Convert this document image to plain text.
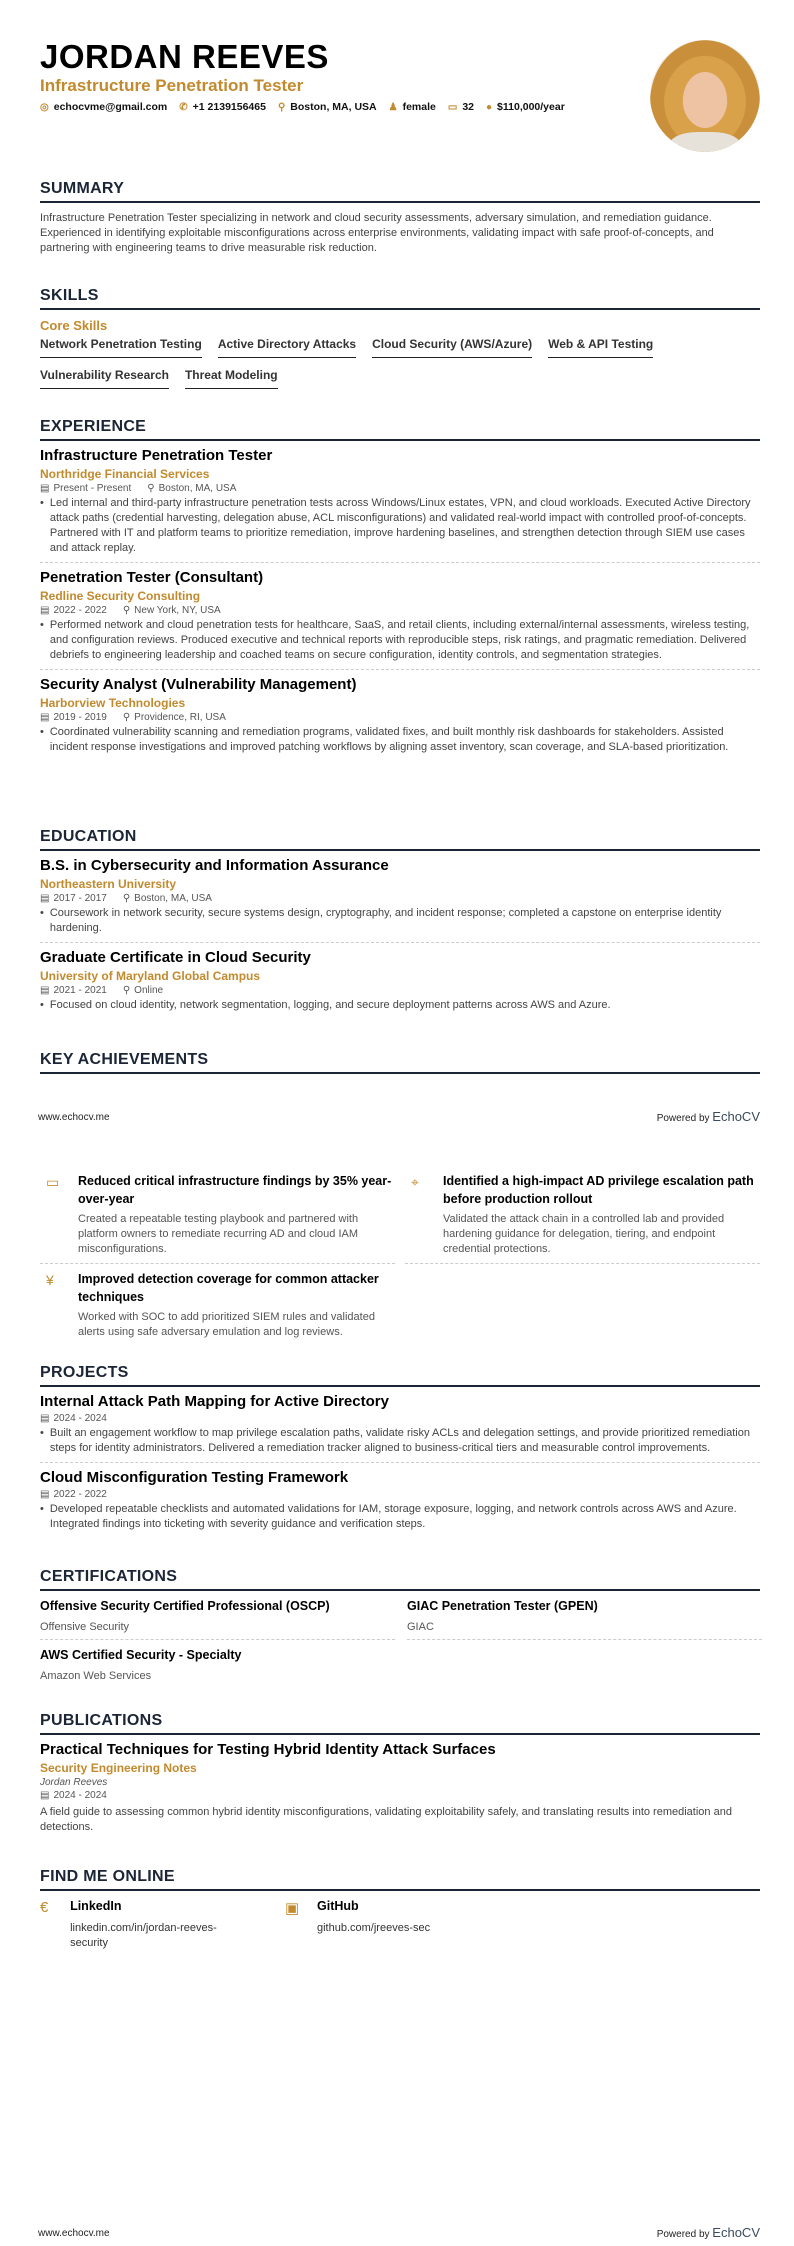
JORDAN REEVES
Infrastructure Penetration Tester
◎ echocvme@gmail.com ✆ +1 2139156465 ⚲ Boston, MA, USA ♟ female ▭ 32 ● $110,000/year
SUMMARY
Infrastructure Penetration Tester specializing in network and cloud security assessments, adversary simulation, and remediation guidance. Experienced in identifying exploitable misconfigurations across enterprise environments, validating impact with safe proof-of-concepts, and partnering with engineering teams to drive measurable risk reduction.
SKILLS
Core Skills
Network Penetration Testing Active Directory Attacks Cloud Security (AWS/Azure) Web & API Testing
Vulnerability Research Threat Modeling
EXPERIENCE
Infrastructure Penetration Tester
Northridge Financial Services
▤ Present - Present ⚲ Boston, MA, USA
• Led internal and third-party infrastructure penetration tests across Windows/Linux estates, VPN, and cloud workloads. Executed Active Directory attack paths (credential harvesting, delegation abuse, ACL misconfigurations) and validated real-world impact with controlled proof-of-concepts. Partnered with IT and platform teams to prioritize remediation, improve hardening baselines, and strengthen detection through SIEM use cases and attack replay.
Penetration Tester (Consultant)
Redline Security Consulting
▤ 2022 - 2022 ⚲ New York, NY, USA
• Performed network and cloud penetration tests for healthcare, SaaS, and retail clients, including external/internal assessments, wireless testing, and configuration reviews. Produced executive and technical reports with reproducible steps, risk ratings, and pragmatic remediation. Delivered debriefs to engineering leadership and coached teams on secure configuration, identity controls, and segmentation strategies.
Security Analyst (Vulnerability Management)
Harborview Technologies
▤ 2019 - 2019 ⚲ Providence, RI, USA
• Coordinated vulnerability scanning and remediation programs, validated fixes, and built monthly risk dashboards for stakeholders. Assisted incident response investigations and improved patching workflows by aligning asset inventory, scan coverage, and SLA-based prioritization.
EDUCATION
B.S. in Cybersecurity and Information Assurance
Northeastern University
▤ 2017 - 2017 ⚲ Boston, MA, USA
• Coursework in network security, secure systems design, cryptography, and incident response; completed a capstone on enterprise identity hardening.
Graduate Certificate in Cloud Security
University of Maryland Global Campus
▤ 2021 - 2021 ⚲ Online
• Focused on cloud identity, network segmentation, logging, and secure deployment patterns across AWS and Azure.
KEY ACHIEVEMENTS
www.echocv.me	Powered by EchoCV
▭	Reduced critical infrastructure findings by 35% year-over-year
Created a repeatable testing playbook and partnered with platform owners to remediate recurring AD and cloud IAM misconfigurations.
⌖	Identified a high-impact AD privilege escalation path before production rollout
Validated the attack chain in a controlled lab and provided hardening guidance for delegation, tiering, and endpoint credential protections.
¥	Improved detection coverage for common attacker techniques
Worked with SOC to add prioritized SIEM rules and validated alerts using safe adversary emulation and log reviews.
PROJECTS
Internal Attack Path Mapping for Active Directory
▤ 2024 - 2024
• Built an engagement workflow to map privilege escalation paths, validate risky ACLs and delegation settings, and provide prioritized remediation steps for identity administrators. Delivered a remediation tracker aligned to business-critical tiers and measurable control improvements.
Cloud Misconfiguration Testing Framework
▤ 2022 - 2022
• Developed repeatable checklists and automated validations for IAM, storage exposure, logging, and network controls across AWS and Azure. Integrated findings into ticketing with severity guidance and verification steps.
CERTIFICATIONS
Offensive Security Certified Professional (OSCP)
Offensive Security
GIAC Penetration Tester (GPEN)
GIAC
AWS Certified Security - Specialty
Amazon Web Services
PUBLICATIONS
Practical Techniques for Testing Hybrid Identity Attack Surfaces
Security Engineering Notes
Jordan Reeves
▤ 2024 - 2024
A field guide to assessing common hybrid identity misconfigurations, validating exploitability safely, and translating results into remediation and detections.
FIND ME ONLINE
€	LinkedIn
linkedin.com/in/jordan-reeves-security
▣	GitHub
github.com/jreeves-sec
www.echocv.me	Powered by EchoCV
